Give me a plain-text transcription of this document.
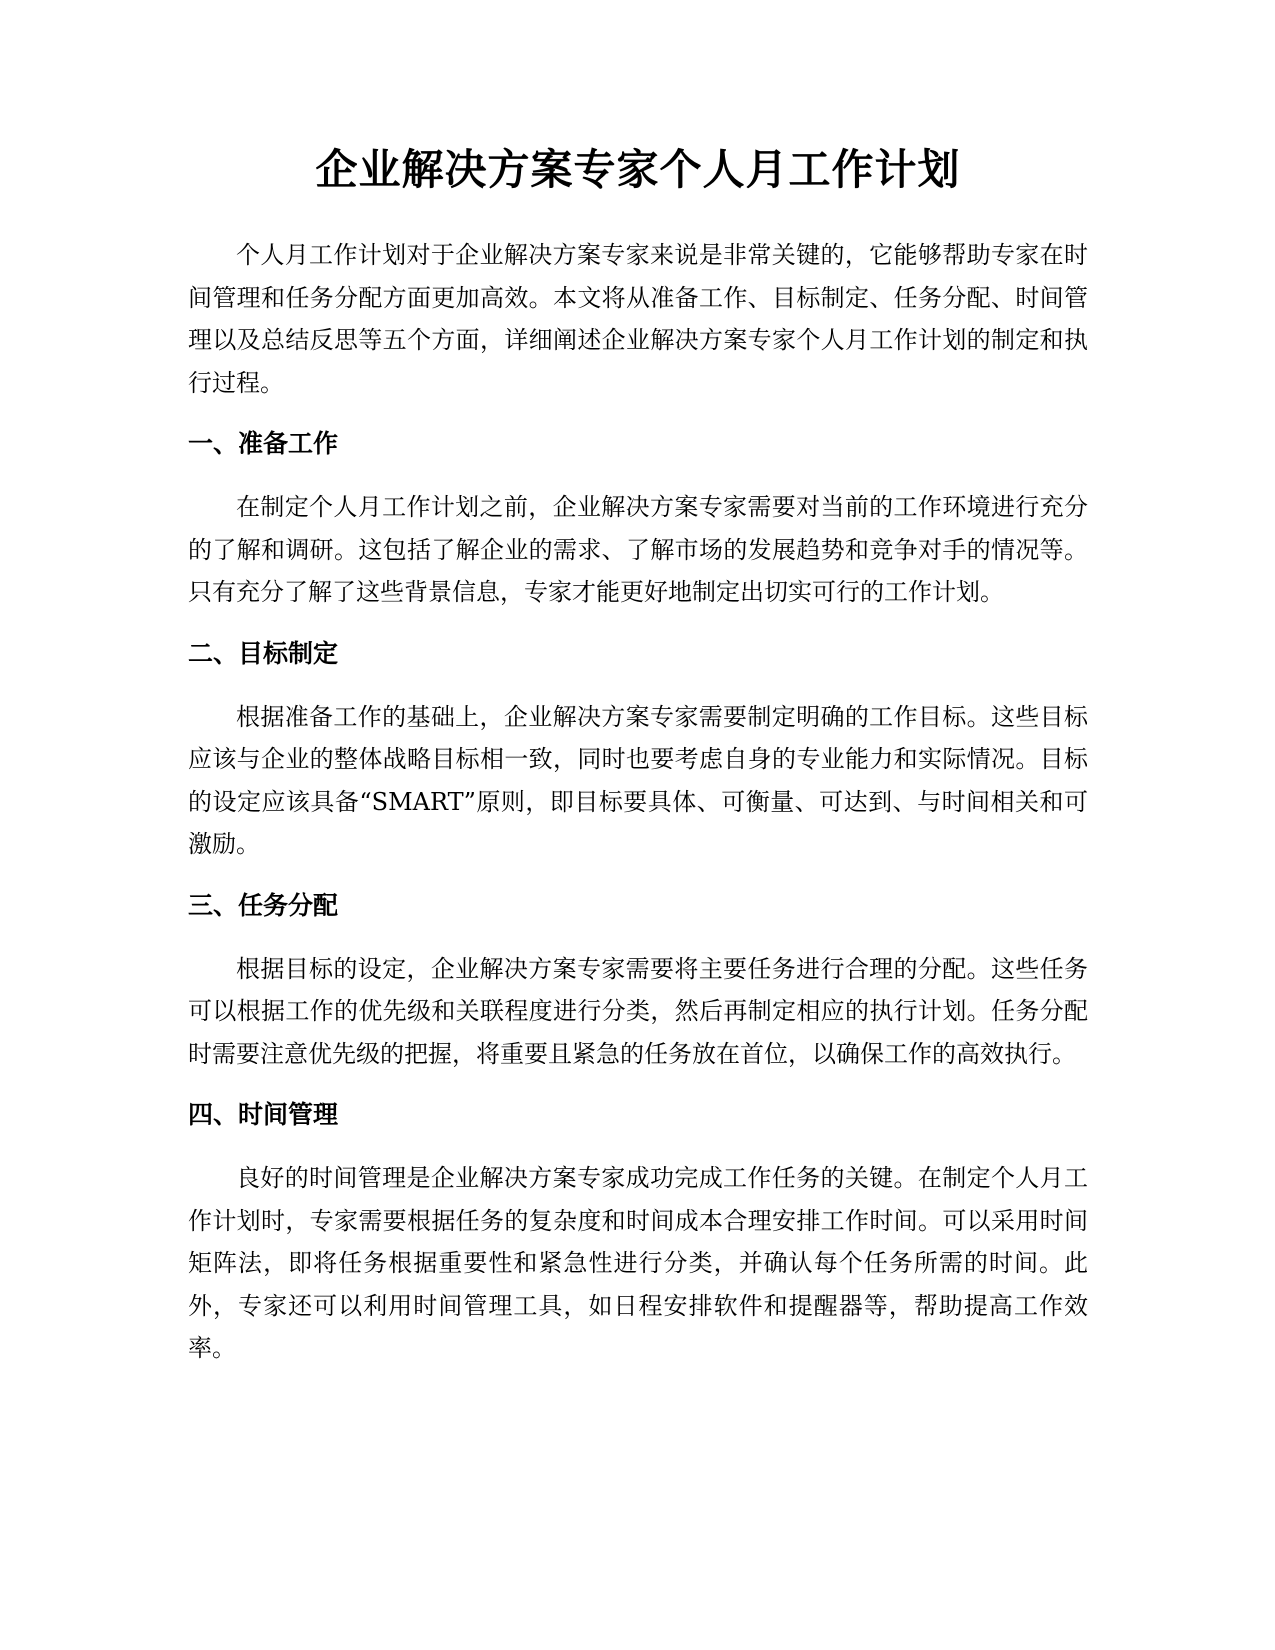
企业解决方案专家个人月工作计划

个人月工作计划对于企业解决方案专家来说是非常关键的，它能够帮助专家在时间管理和任务分配方面更加高效。本文将从准备工作、目标制定、任务分配、时间管理以及总结反思等五个方面，详细阐述企业解决方案专家个人月工作计划的制定和执行过程。

一、准备工作

在制定个人月工作计划之前，企业解决方案专家需要对当前的工作环境进行充分的了解和调研。这包括了解企业的需求、了解市场的发展趋势和竞争对手的情况等。只有充分了解了这些背景信息，专家才能更好地制定出切实可行的工作计划。

二、目标制定

根据准备工作的基础上，企业解决方案专家需要制定明确的工作目标。这些目标应该与企业的整体战略目标相一致，同时也要考虑自身的专业能力和实际情况。目标的设定应该具备“SMART”原则，即目标要具体、可衡量、可达到、与时间相关和可激励。

三、任务分配

根据目标的设定，企业解决方案专家需要将主要任务进行合理的分配。这些任务可以根据工作的优先级和关联程度进行分类，然后再制定相应的执行计划。任务分配时需要注意优先级的把握，将重要且紧急的任务放在首位，以确保工作的高效执行。

四、时间管理

良好的时间管理是企业解决方案专家成功完成工作任务的关键。在制定个人月工作计划时，专家需要根据任务的复杂度和时间成本合理安排工作时间。可以采用时间矩阵法，即将任务根据重要性和紧急性进行分类，并确认每个任务所需的时间。此外，专家还可以利用时间管理工具，如日程安排软件和提醒器等，帮助提高工作效率。
